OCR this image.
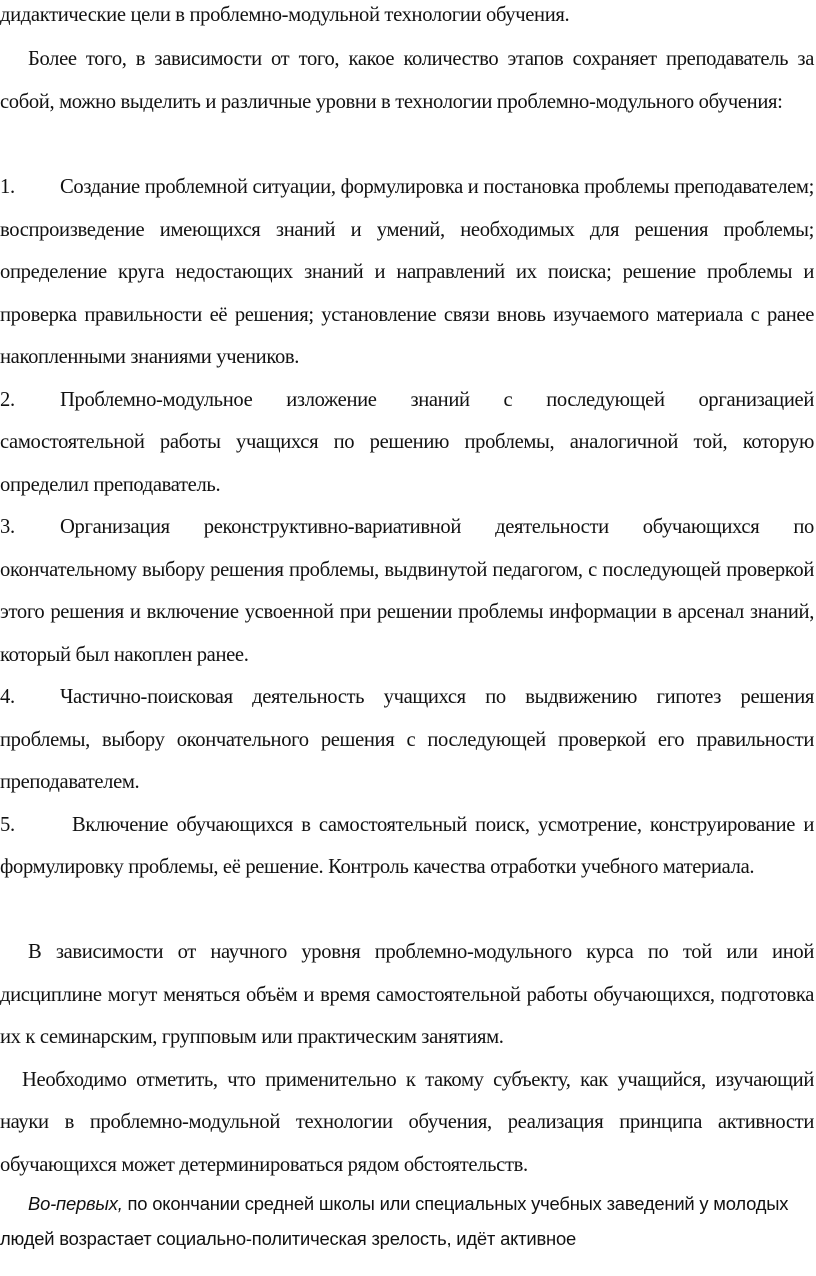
дидактические цели в проблемно-модульной технологии обучения.

Более того, в зависимости от того, какое количество этапов сохраняет преподаватель за собой, можно выделить и различные уровни в технологии проблемно-модульного обучения:

1. Создание проблемной ситуации, формулировка и постановка проблемы преподавателем; воспроизведение имеющихся знаний и умений, необходимых для решения проблемы; определение круга недостающих знаний и направлений их поиска; решение проблемы и проверка правильности её решения; установление связи вновь изучаемого материала с ранее накопленными знаниями учеников.

2. Проблемно-модульное изложение знаний с последующей организацией самостоятельной работы учащихся по решению проблемы, аналогичной той, которую определил преподаватель.

3. Организация реконструктивно-вариативной деятельности обучающихся по окончательному выбору решения проблемы, выдвинутой педагогом, с последующей проверкой этого решения и включение усвоенной при решении проблемы информации в арсенал знаний, который был накоплен ранее.

4. Частично-поисковая деятельность учащихся по выдвижению гипотез решения проблемы, выбору окончательного решения с последующей проверкой его правильности преподавателем.

5.	Включение обучающихся в самостоятельный поиск, усмотрение, конструирование и формулировку проблемы, её решение. Контроль качества отработки учебного материала.

В зависимости от научного уровня проблемно-модульного курса по той или иной дисциплине могут меняться объём и время самостоятельной работы обучающихся, подготовка их к семинарским, групповым или практическим занятиям.

Необходимо отметить, что применительно к такому субъекту, как учащийся, изучающий науки в проблемно-модульной технологии обучения, реализация принципа активности обучающихся может детерминироваться рядом обстоятельств.

Во-первых, по окончании средней школы или специальных учебных заведений у молодых людей возрастает социально-политическая зрелость, идёт активное
